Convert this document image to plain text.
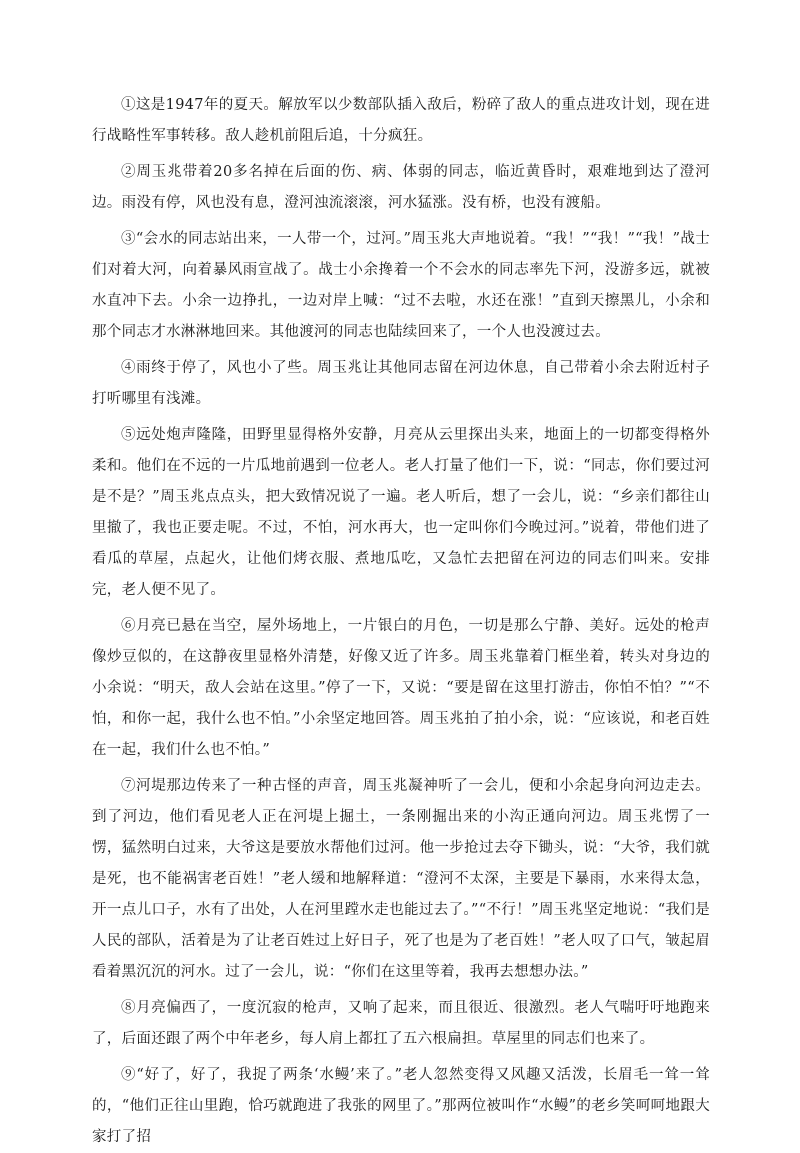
①这是1947年的夏天。解放军以少数部队插入敌后，粉碎了敌人的重点进攻计划，现在进行战略性军事转移。敌人趁机前阻后追，十分疯狂。

②周玉兆带着20多名掉在后面的伤、病、体弱的同志，临近黄昏时，艰难地到达了澄河边。雨没有停，风也没有息，澄河浊流滚滚，河水猛涨。没有桥，也没有渡船。

③“会水的同志站出来，一人带一个，过河。”周玉兆大声地说着。“我！”“我！”“我！”战士们对着大河，向着暴风雨宣战了。战士小余搀着一个不会水的同志率先下河，没游多远，就被水直冲下去。小余一边挣扎，一边对岸上喊：“过不去啦，水还在涨！”直到天擦黑儿，小余和那个同志才水淋淋地回来。其他渡河的同志也陆续回来了，一个人也没渡过去。

④雨终于停了，风也小了些。周玉兆让其他同志留在河边休息，自己带着小余去附近村子打听哪里有浅滩。

⑤远处炮声隆隆，田野里显得格外安静，月亮从云里探出头来，地面上的一切都变得格外柔和。他们在不远的一片瓜地前遇到一位老人。老人打量了他们一下，说：“同志，你们要过河是不是？”周玉兆点点头，把大致情况说了一遍。老人听后，想了一会儿，说：“乡亲们都往山里撤了，我也正要走呢。不过，不怕，河水再大，也一定叫你们今晚过河。”说着，带他们进了看瓜的草屋，点起火，让他们烤衣服、煮地瓜吃，又急忙去把留在河边的同志们叫来。安排完，老人便不见了。

⑥月亮已悬在当空，屋外场地上，一片银白的月色，一切是那么宁静、美好。远处的枪声像炒豆似的，在这静夜里显格外清楚，好像又近了许多。周玉兆靠着门框坐着，转头对身边的小余说：“明天，敌人会站在这里。”停了一下，又说：“要是留在这里打游击，你怕不怕？”“不怕，和你一起，我什么也不怕。”小余坚定地回答。周玉兆拍了拍小余，说：“应该说，和老百姓在一起，我们什么也不怕。”

⑦河堤那边传来了一种古怪的声音，周玉兆凝神听了一会儿，便和小余起身向河边走去。到了河边，他们看见老人正在河堤上掘土，一条刚掘出来的小沟正通向河边。周玉兆愣了一愣，猛然明白过来，大爷这是要放水帮他们过河。他一步抢过去夺下锄头，说：“大爷，我们就是死，也不能祸害老百姓！”老人缓和地解释道：“澄河不太深，主要是下暴雨，水来得太急，开一点儿口子，水有了出处，人在河里蹚水走也能过去了。”“不行！”周玉兆坚定地说：“我们是人民的部队，活着是为了让老百姓过上好日子，死了也是为了老百姓！”老人叹了口气，皱起眉看着黑沉沉的河水。过了一会儿，说：“你们在这里等着，我再去想想办法。”

⑧月亮偏西了，一度沉寂的枪声，又响了起来，而且很近、很激烈。老人气喘吁吁地跑来了，后面还跟了两个中年老乡，每人肩上都扛了五六根扁担。草屋里的同志们也来了。

⑨“好了，好了，我捉了两条‘水鳗’来了。”老人忽然变得又风趣又活泼，长眉毛一耸一耸的，“他们正往山里跑，恰巧就跑进了我张的网里了。”那两位被叫作“水鳗”的老乡笑呵呵地跟大家打了招
